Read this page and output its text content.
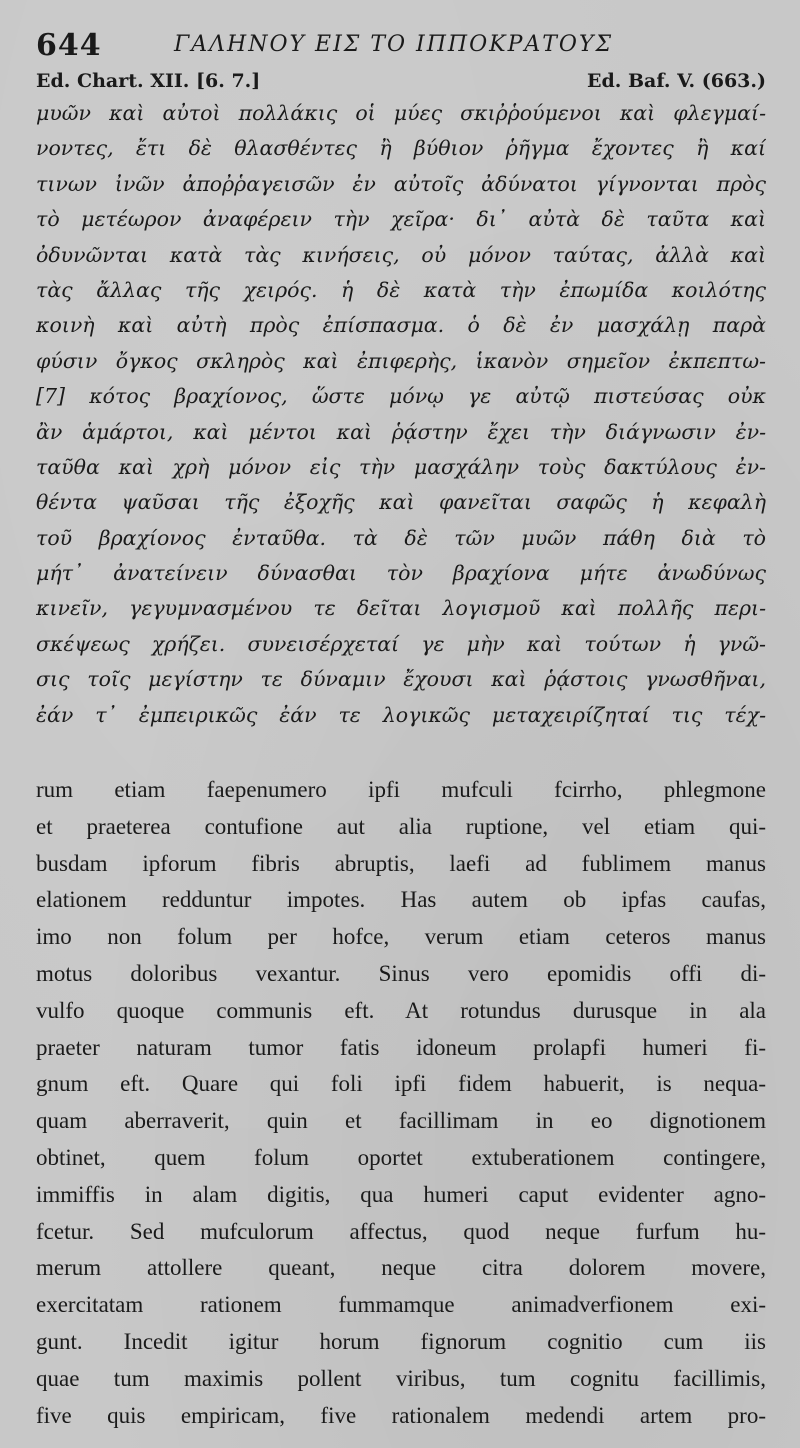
644	ΓΑΛΗΝΟΥ ΕΙΣ ΤΟ ΙΠΠΟΚΡΑΤΟΥΣ
Ed. Chart. XII. [6. 7.]	Ed. Baf. V. (663.)
μυῶν καὶ αὐτοὶ πολλάκις οἱ μύες σκιῤῥούμενοι καὶ φλεγμαί-
νοντες, ἔτι δὲ θλασθέντες ἢ βύθιον ῥῆγμα ἔχοντες ἢ καί
τινων ἰνῶν ἀποῤῥαγεισῶν ἐν αὐτοῖς ἀδύνατοι γίγνονται πρὸς
τὸ μετέωρον ἀναφέρειν τὴν χεῖρα· δι᾽ αὐτὰ δὲ ταῦτα καὶ
ὀδυνῶνται κατὰ τὰς κινήσεις, οὐ μόνον ταύτας, ἀλλὰ καὶ
τὰς ἄλλας τῆς χειρός. ἡ δὲ κατὰ τὴν ἐπωμίδα κοιλότης
κοινὴ καὶ αὐτὴ πρὸς ἐπίσπασμα. ὁ δὲ ἐν μασχάλῃ παρὰ
φύσιν ὄγκος σκληρὸς καὶ ἐπιφερὴς, ἱκανὸν σημεῖον ἐκπεπτω-
[7] κότος βραχίονος, ὥστε μόνῳ γε αὐτῷ πιστεύσας οὐκ
ἂν ἁμάρτοι, καὶ μέντοι καὶ ῥᾴστην ἔχει τὴν διάγνωσιν ἐν-
ταῦθα καὶ χρὴ μόνον εἰς τὴν μασχάλην τοὺς δακτύλους ἐν-
θέντα ψαῦσαι τῆς ἐξοχῆς καὶ φανεῖται σαφῶς ἡ κεφαλὴ
τοῦ βραχίονος ἐνταῦθα. τὰ δὲ τῶν μυῶν πάθη διὰ τὸ
μήτ᾽ ἀνατείνειν δύνασθαι τὸν βραχίονα μήτε ἀνωδύνως
κινεῖν, γεγυμνασμένου τε δεῖται λογισμοῦ καὶ πολλῆς περι-
σκέψεως χρήζει. συνεισέρχεταί γε μὴν καὶ τούτων ἡ γνῶ-
σις τοῖς μεγίστην τε δύναμιν ἔχουσι καὶ ῥᾴστοις γνωσθῆναι,
ἐάν τ᾽ ἐμπειρικῶς ἐάν τε λογικῶς μεταχειρίζηταί τις τέχ-
rum etiam faepenumero ipfi mufculi fcirrho, phlegmone
et praeterea contufione aut alia ruptione, vel etiam qui-
busdam ipforum fibris abruptis, laefi ad fublimem manus
elationem redduntur impotes. Has autem ob ipfas caufas,
imo non folum per hofce, verum etiam ceteros manus
motus doloribus vexantur. Sinus vero epomidis offi di-
vulfo quoque communis eft. At rotundus durusque in ala
praeter naturam tumor fatis idoneum prolapfi humeri fi-
gnum eft. Quare qui foli ipfi fidem habuerit, is nequa-
quam aberraverit, quin et facillimam in eo dignotionem
obtinet, quem folum oportet extuberationem contingere,
immiffis in alam digitis, qua humeri caput evidenter agno-
fcetur. Sed mufculorum affectus, quod neque furfum hu-
merum attollere queant, neque citra dolorem movere,
exercitatam rationem fummamque animadverfionem exi-
gunt. Incedit igitur horum fignorum cognitio cum iis
quae tum maximis pollent viribus, tum cognitu facillimis,
five quis empiricam, five rationalem medendi artem pro-
